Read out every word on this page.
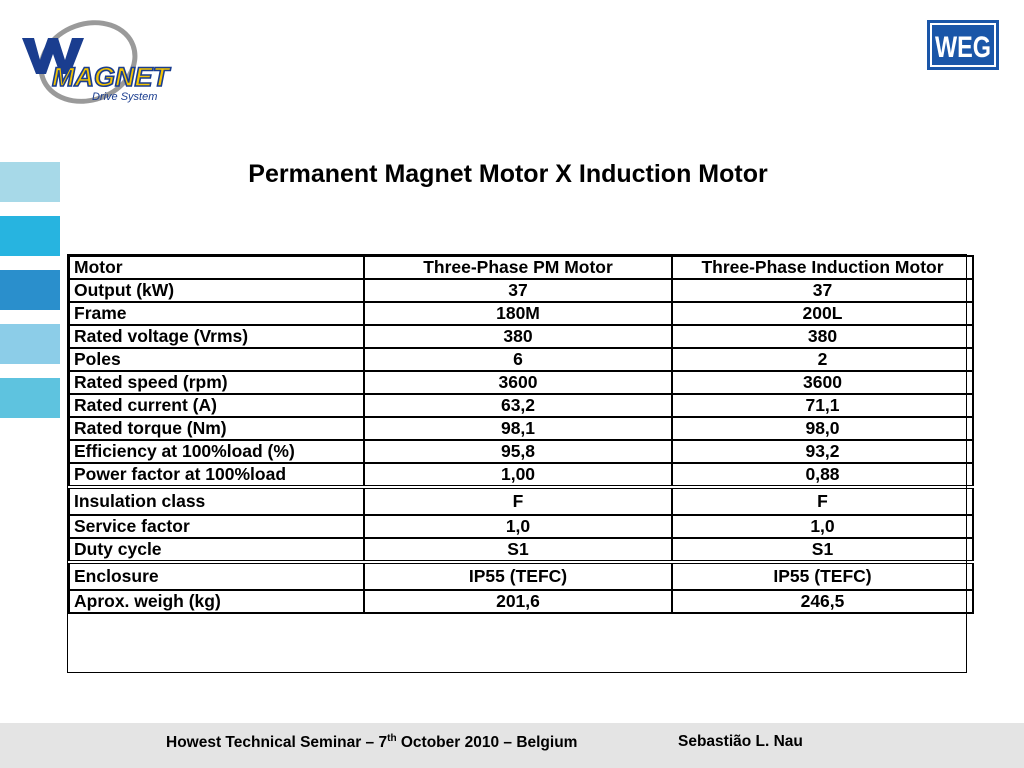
MAGNET
Drive System
WEG
Permanent Magnet Motor X Induction Motor
Motor	Three-Phase PM Motor	Three-Phase Induction Motor
Output (kW)	37	37
Frame	180M	200L
Rated voltage (Vrms)	380	380
Poles	6	2
Rated speed (rpm)	3600	3600
Rated current (A)	63,2	71,1
Rated torque (Nm)	98,1	98,0
Efficiency at 100%load (%)	95,8	93,2
Power factor at 100%load	1,00	0,88
Insulation class	F	F
Service factor	1,0	1,0
Duty cycle	S1	S1
Enclosure	IP55 (TEFC)	IP55 (TEFC)
Aprox. weigh (kg)	201,6	246,5
Howest Technical Seminar – 7th October 2010 – Belgium	Sebastião L. Nau
